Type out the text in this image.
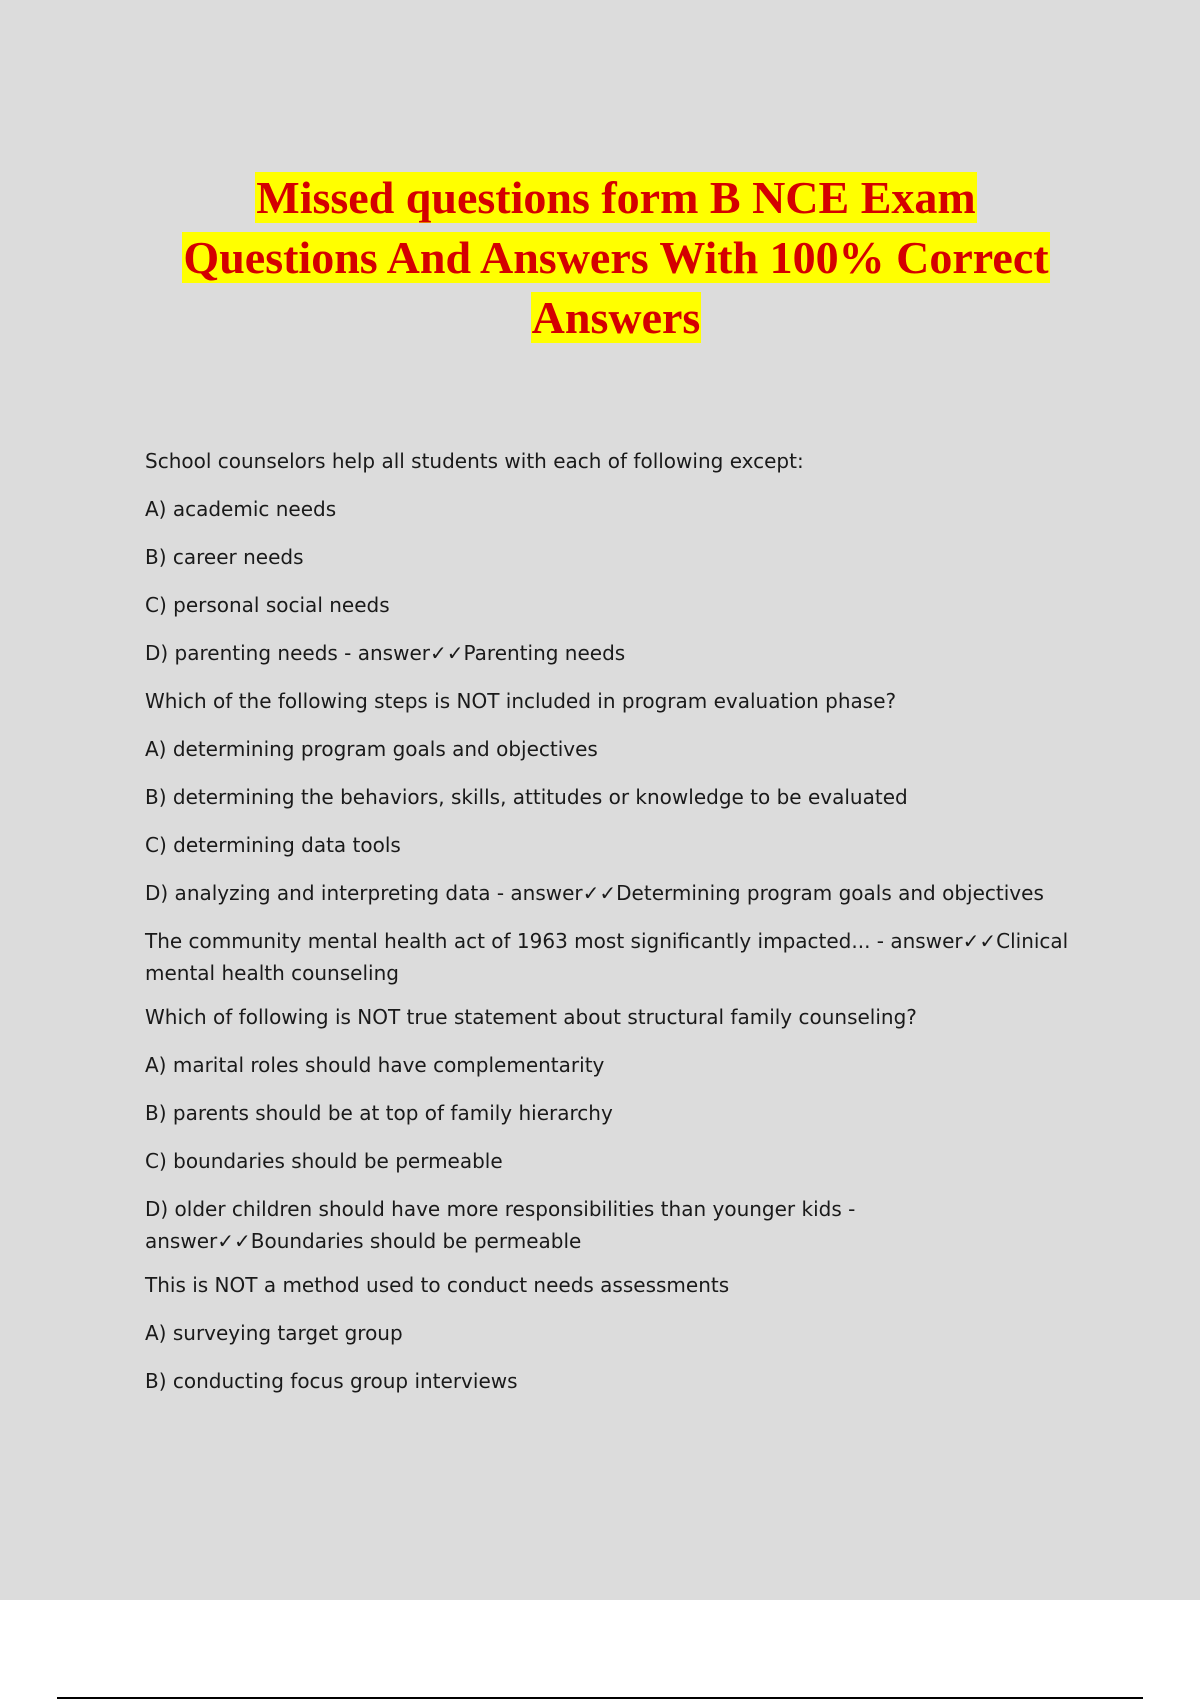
Missed questions form B NCE Exam
Questions And Answers With 100% Correct
Answers
School counselors help all students with each of following except:
A) academic needs
B) career needs
C) personal social needs
D) parenting needs - answer✓✓Parenting needs
Which of the following steps is NOT included in program evaluation phase?
A) determining program goals and objectives
B) determining the behaviors, skills, attitudes or knowledge to be evaluated
C) determining data tools
D) analyzing and interpreting data - answer✓✓Determining program goals and objectives
The community mental health act of 1963 most significantly impacted... - answer✓✓Clinical mental health counseling
Which of following is NOT true statement about structural family counseling?
A) marital roles should have complementarity
B) parents should be at top of family hierarchy
C) boundaries should be permeable
D) older children should have more responsibilities than younger kids - answer✓✓Boundaries should be permeable
This is NOT a method used to conduct needs assessments
A) surveying target group
B) conducting focus group interviews
